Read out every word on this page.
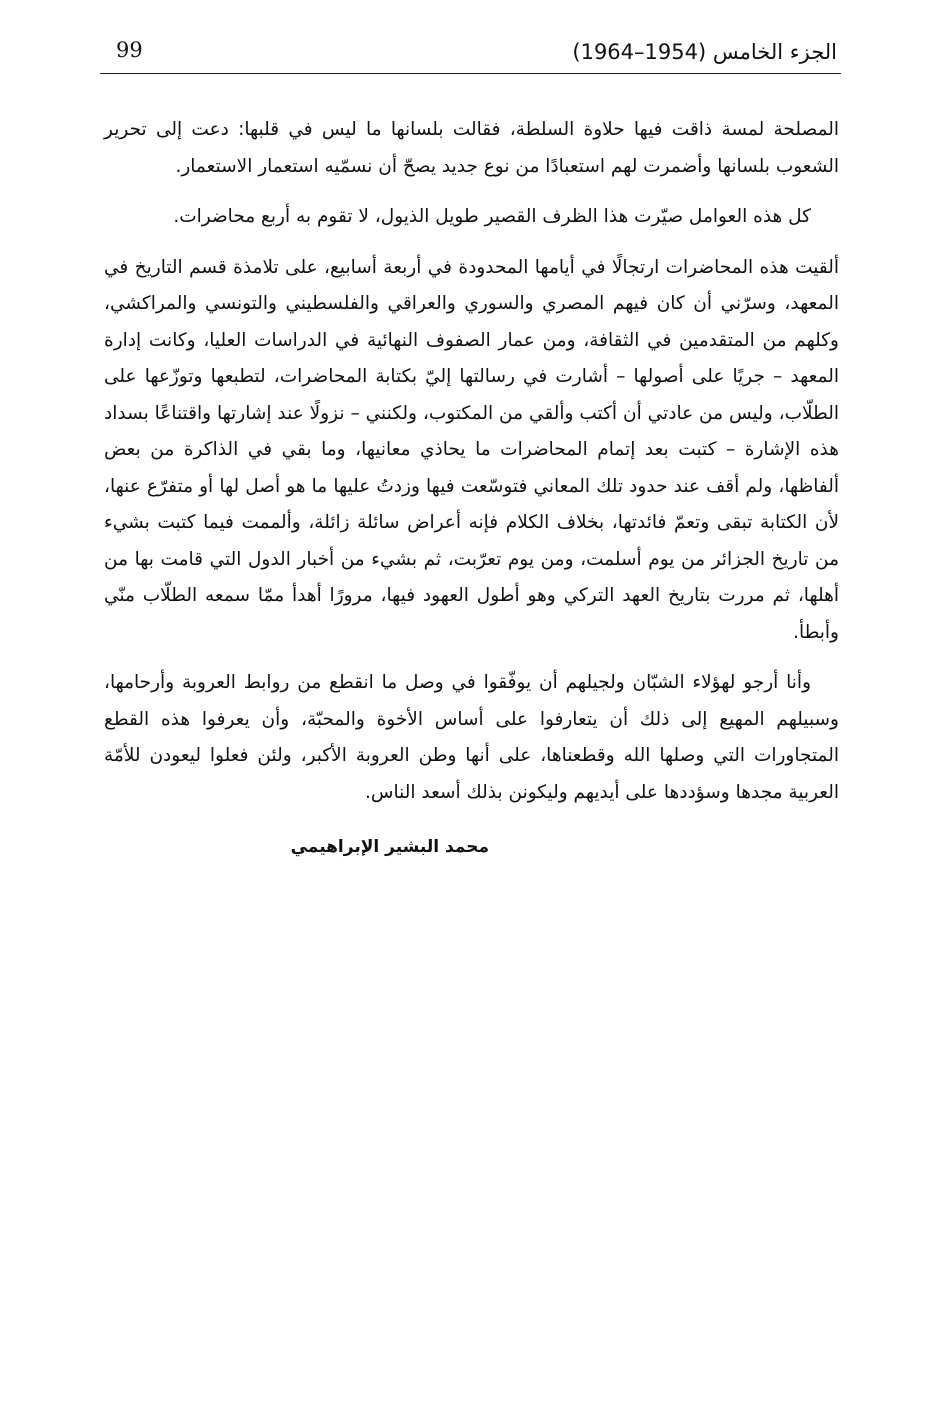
99	الجزء الخامس (1954–1964)

المصلحة لمسة ذاقت فيها حلاوة السلطة، فقالت بلسانها ما ليس في قلبها: دعت إلى تحرير الشعوب بلسانها وأضمرت لهم استعبادًا من نوع جديد يصحّ أن نسمّيه استعمار الاستعمار.

كل هذه العوامل صيّرت هذا الظرف القصير طويل الذيول، لا تقوم به أربع محاضرات.

ألقيت هذه المحاضرات ارتجالًا في أيامها المحدودة في أربعة أسابيع، على تلامذة قسم التاريخ في المعهد، وسرّني أن كان فيهم المصري والسوري والعراقي والفلسطيني والتونسي والمراكشي، وكلهم من المتقدمين في الثقافة، ومن عمار الصفوف النهائية في الدراسات العليا، وكانت إدارة المعهد – جريًا على أصولها – أشارت في رسالتها إليّ بكتابة المحاضرات، لتطبعها وتوزّعها على الطلّاب، وليس من عادتي أن أكتب وألقي من المكتوب، ولكنني – نزولًا عند إشارتها واقتناعًا بسداد هذه الإشارة – كتبت بعد إتمام المحاضرات ما يحاذي معانيها، وما بقي في الذاكرة من بعض ألفاظها، ولم أقف عند حدود تلك المعاني فتوسّعت فيها وزدتُ عليها ما هو أصل لها أو متفرّع عنها، لأن الكتابة تبقى وتعمّ فائدتها، بخلاف الكلام فإنه أعراض سائلة زائلة، وألممت فيما كتبت بشيء من تاريخ الجزائر من يوم أسلمت، ومن يوم تعرّبت، ثم بشيء من أخبار الدول التي قامت بها من أهلها، ثم مررت بتاريخ العهد التركي وهو أطول العهود فيها، مرورًا أهدأ ممّا سمعه الطلّاب منّي وأبطأ.

وأنا أرجو لهؤلاء الشبّان ولجيلهم أن يوفّقوا في وصل ما انقطع من روابط العروبة وأرحامها، وسبيلهم المهيع إلى ذلك أن يتعارفوا على أساس الأخوة والمحبّة، وأن يعرفوا هذه القطع المتجاورات التي وصلها الله وقطعناها، على أنها وطن العروبة الأكبر، ولئن فعلوا ليعودن للأمّة العربية مجدها وسؤددها على أيديهم وليكونن بذلك أسعد الناس.

محمد البشير الإبراهيمي
